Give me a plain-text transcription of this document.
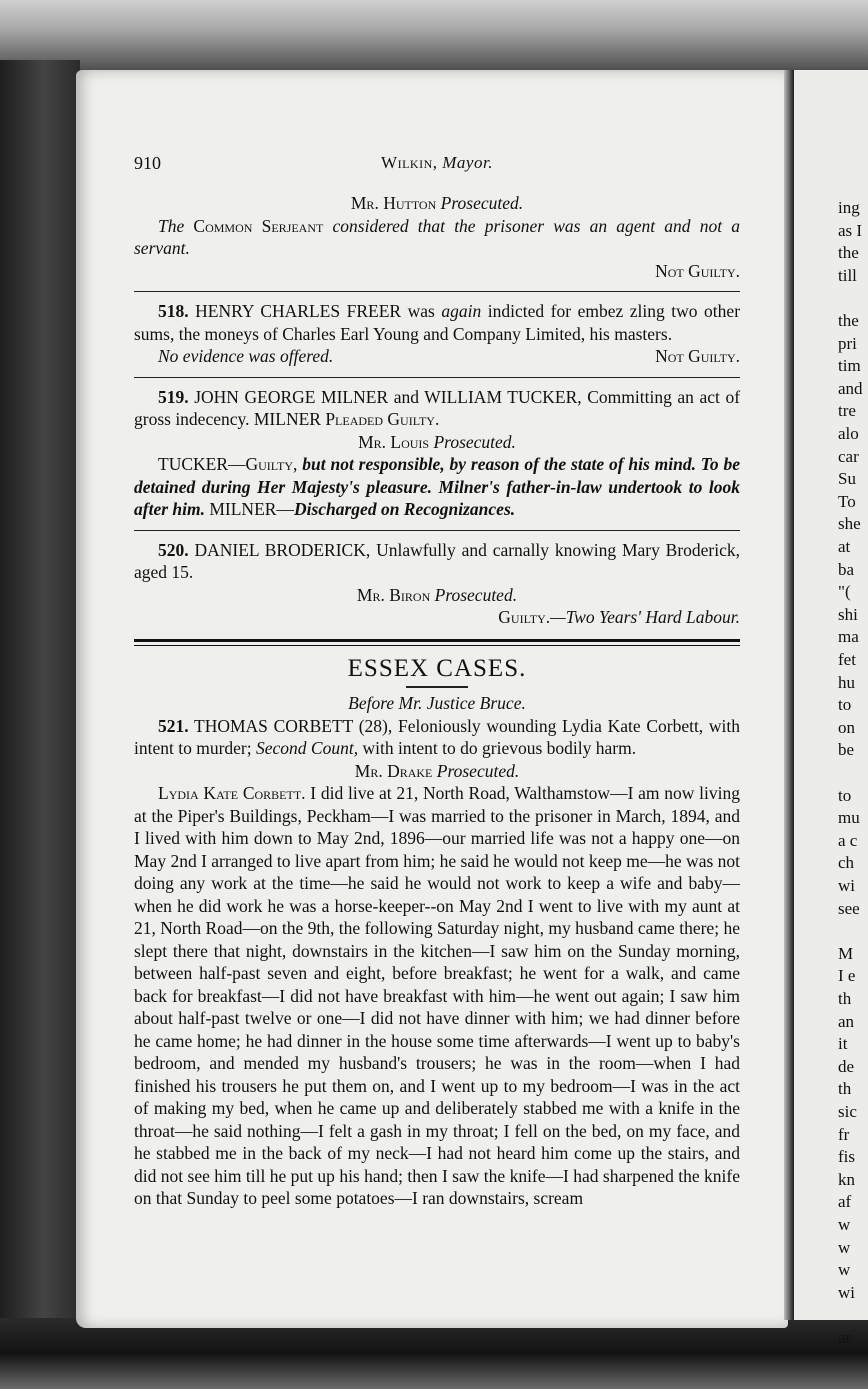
ing
as I
the
till
the
pri
tim
and
tre
alo
car
Su
To
she
at
ba
"(
shi
ma
fet
hu
to
on
be
to
mu
a c
ch
wi
see
M
I e
th
an
it
de
th
sic
fr
fis
kn
af
w
w
w
wi
ar
910	Wilkin, Mayor.

Mr. Hutton Prosecuted.

The Common Serjeant considered that the prisoner was an agent and not a servant.

Not Guilty.

518. HENRY CHARLES FREER was again indicted for embez zling two other sums, the moneys of Charles Earl Young and Company Limited, his masters.

No evidence was offered.	Not Guilty.

519. JOHN GEORGE MILNER and WILLIAM TUCKER, Committing an act of gross indecency. MILNER Pleaded Guilty.

Mr. Louis Prosecuted.

TUCKER—Guilty, but not responsible, by reason of the state of his mind. To be detained during Her Majesty's pleasure. Milner's father-in-law undertook to look after him. MILNER—Discharged on Recognizances.

520. DANIEL BRODERICK, Unlawfully and carnally knowing Mary Broderick, aged 15.

Mr. Biron Prosecuted.

Guilty.—Two Years' Hard Labour.

ESSEX CASES.

Before Mr. Justice Bruce.

521. THOMAS CORBETT (28), Feloniously wounding Lydia Kate Corbett, with intent to murder; Second Count, with intent to do grievous bodily harm.

Mr. Drake Prosecuted.

Lydia Kate Corbett. I did live at 21, North Road, Walthamstow—I am now living at the Piper's Buildings, Peckham—I was married to the prisoner in March, 1894, and I lived with him down to May 2nd, 1896—our married life was not a happy one—on May 2nd I arranged to live apart from him; he said he would not keep me—he was not doing any work at the time—he said he would not work to keep a wife and baby—when he did work he was a horse-keeper--on May 2nd I went to live with my aunt at 21, North Road—on the 9th, the following Saturday night, my husband came there; he slept there that night, downstairs in the kitchen—I saw him on the Sunday morning, between half-past seven and eight, before breakfast; he went for a walk, and came back for breakfast—I did not have breakfast with him—he went out again; I saw him about half-past twelve or one—I did not have dinner with him; we had dinner before he came home; he had dinner in the house some time afterwards—I went up to baby's bedroom, and mended my husband's trousers; he was in the room—when I had finished his trousers he put them on, and I went up to my bedroom—I was in the act of making my bed, when he came up and deliberately stabbed me with a knife in the throat—he said nothing—I felt a gash in my throat; I fell on the bed, on my face, and he stabbed me in the back of my neck—I had not heard him come up the stairs, and did not see him till he put up his hand; then I saw the knife—I had sharpened the knife on that Sunday to peel some potatoes—I ran downstairs, scream
